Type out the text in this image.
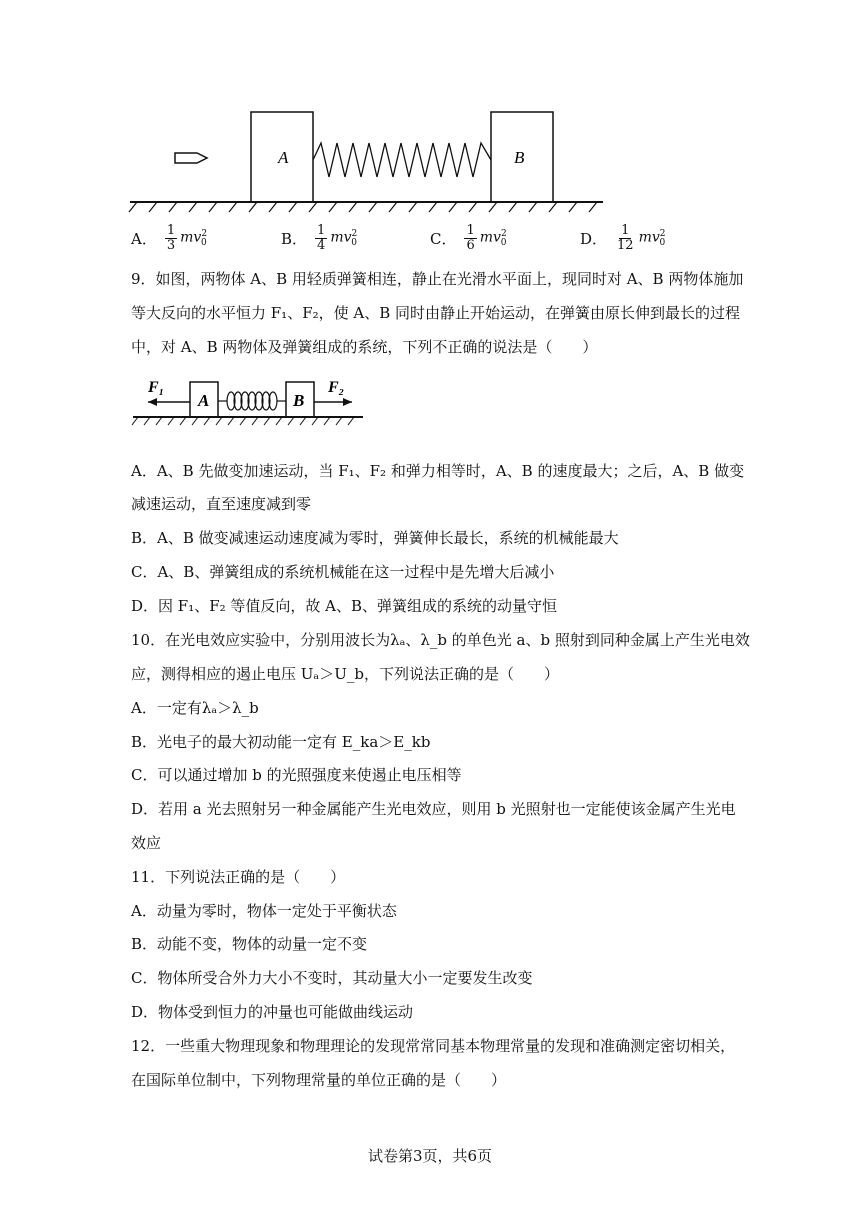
A	B
A． $\frac{1}{3} mv^2_0$	B． $\frac{1}{4} mv^2_0$	C． $\frac{1}{6} mv^2_0$	D． $\frac{1}{12} mv^2_0$
9．如图，两物体 A、B 用轻质弹簧相连，静止在光滑水平面上，现同时对 A、B 两物体施加
等大反向的水平恒力 F₁、F₂，使 A、B 同时由静止开始运动，在弹簧由原长伸到最长的过程
中，对 A、B 两物体及弹簧组成的系统，下列不正确的说法是（　　）
F₁
A	B
F₂
A．A、B 先做变加速运动，当 F₁、F₂ 和弹力相等时，A、B 的速度最大；之后，A、B 做变
减速运动，直至速度减到零
B．A、B 做变减速运动速度减为零时，弹簧伸长最长，系统的机械能最大
C．A、B、弹簧组成的系统机械能在这一过程中是先增大后减小
D．因 F₁、F₂ 等值反向，故 A、B、弹簧组成的系统的动量守恒
10．在光电效应实验中，分别用波长为λₐ、λ_b 的单色光 a、b 照射到同种金属上产生光电效
应，测得相应的遏止电压 Uₐ＞U_b，下列说法正确的是（　　）
A．一定有λₐ＞λ_b
B．光电子的最大初动能一定有 E_ka＞E_kb
C．可以通过增加 b 的光照强度来使遏止电压相等
D．若用 a 光去照射另一种金属能产生光电效应，则用 b 光照射也一定能使该金属产生光电
效应
11．下列说法正确的是（　　）
A．动量为零时，物体一定处于平衡状态
B．动能不变，物体的动量一定不变
C．物体所受合外力大小不变时，其动量大小一定要发生改变
D．物体受到恒力的冲量也可能做曲线运动
12．一些重大物理现象和物理理论的发现常常同基本物理常量的发现和准确测定密切相关，
在国际单位制中，下列物理常量的单位正确的是（　　）
试卷第3页，共6页
